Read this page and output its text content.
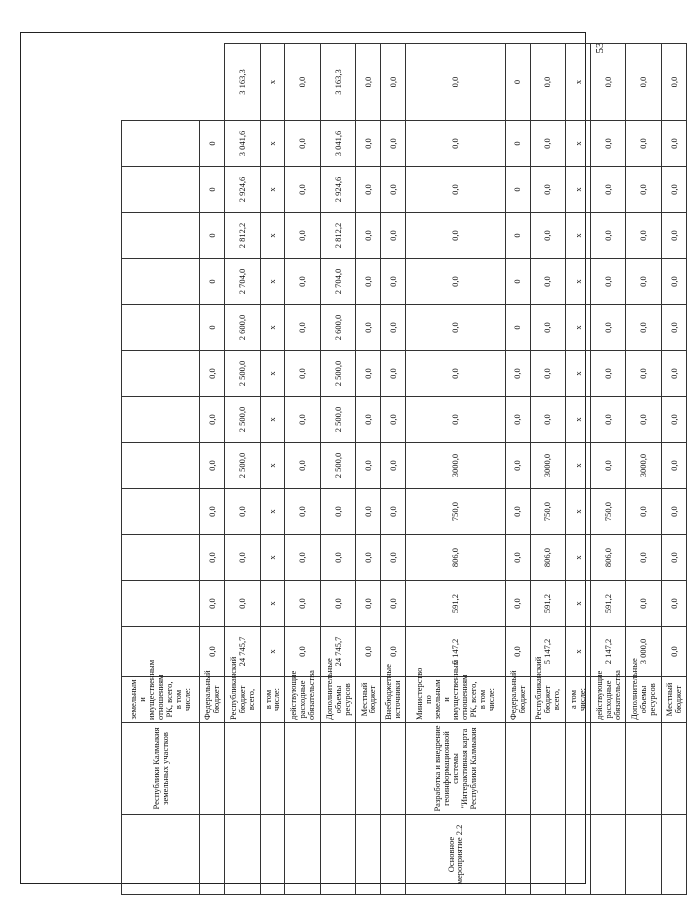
53
	Республики Калмыкия земельных участков	земельным и имущественным отношениям РК, всего, в том числе:													
		Федеральный бюджет	0,0	0,0	0,0	0,0	0,0	0,0	0,0	0	0	0	0	0	
		Республиканский бюджет всего,	24 745,7	0,0	0,0	0,0	2 500,0	2 500,0	2 500,0	2 600,0	2 704,0	2 812,2	2 924,6	3 041,6	3 163,3
		в том числе:	х	х	х	х	х	х	х	х	х	х	х	х	х
		действующие расходные обязательства	0,0	0,0	0,0	0,0	0,0	0,0	0,0	0,0	0,0	0,0	0,0	0,0	0,0
		Дополнительные объемы ресурсов	24 745,7	0,0	0,0	0,0	2 500,0	2 500,0	2 500,0	2 600,0	2 704,0	2 812,2	2 924,6	3 041,6	3 163,3
		Местный бюджет	0,0	0,0	0,0	0,0	0,0	0,0	0,0	0,0	0,0	0,0	0,0	0,0	0,0
		Внебюджетные источники	0,0	0,0	0,0	0,0	0,0	0,0	0,0	0,0	0,0	0,0	0,0	0,0	0,0
Основное мероприятие 2.2	Разработка и внедрение геоинформационной системы "Интерактивная карта Республики Калмыкия	Министерство по земельным и имущественным отношениям РК, всего, в том числе:	5 147,2	591,2	806,0	750,0	3000,0	0,0	0,0	0,0	0,0	0,0	0,0	0,0	0,0
		Федеральный бюджет	0,0	0,0	0,0	0,0	0,0	0,0	0,0	0	0	0	0	0	0
		Республиканский бюджет всего,	5 147,2	591,2	806,0	750,0	3000,0	0,0	0,0	0,0	0,0	0,0	0,0	0,0	0,0
		а том числе:	х	х	х	х	х	х	х	х	х	х	х	х	х
		действующие расходные обязательства	2 147,2	591,2	806,0	750,0	0,0	0,0	0,0	0,0	0,0	0,0	0,0	0,0	0,0
		Дополнительные объемы ресурсов	3 000,0	0,0	0,0	0,0	3000,0	0,0	0,0	0,0	0,0	0,0	0,0	0,0	0,0
		Местный бюджет	0,0	0,0	0,0	0,0	0,0	0,0	0,0	0,0	0,0	0,0	0,0	0,0	0,0
